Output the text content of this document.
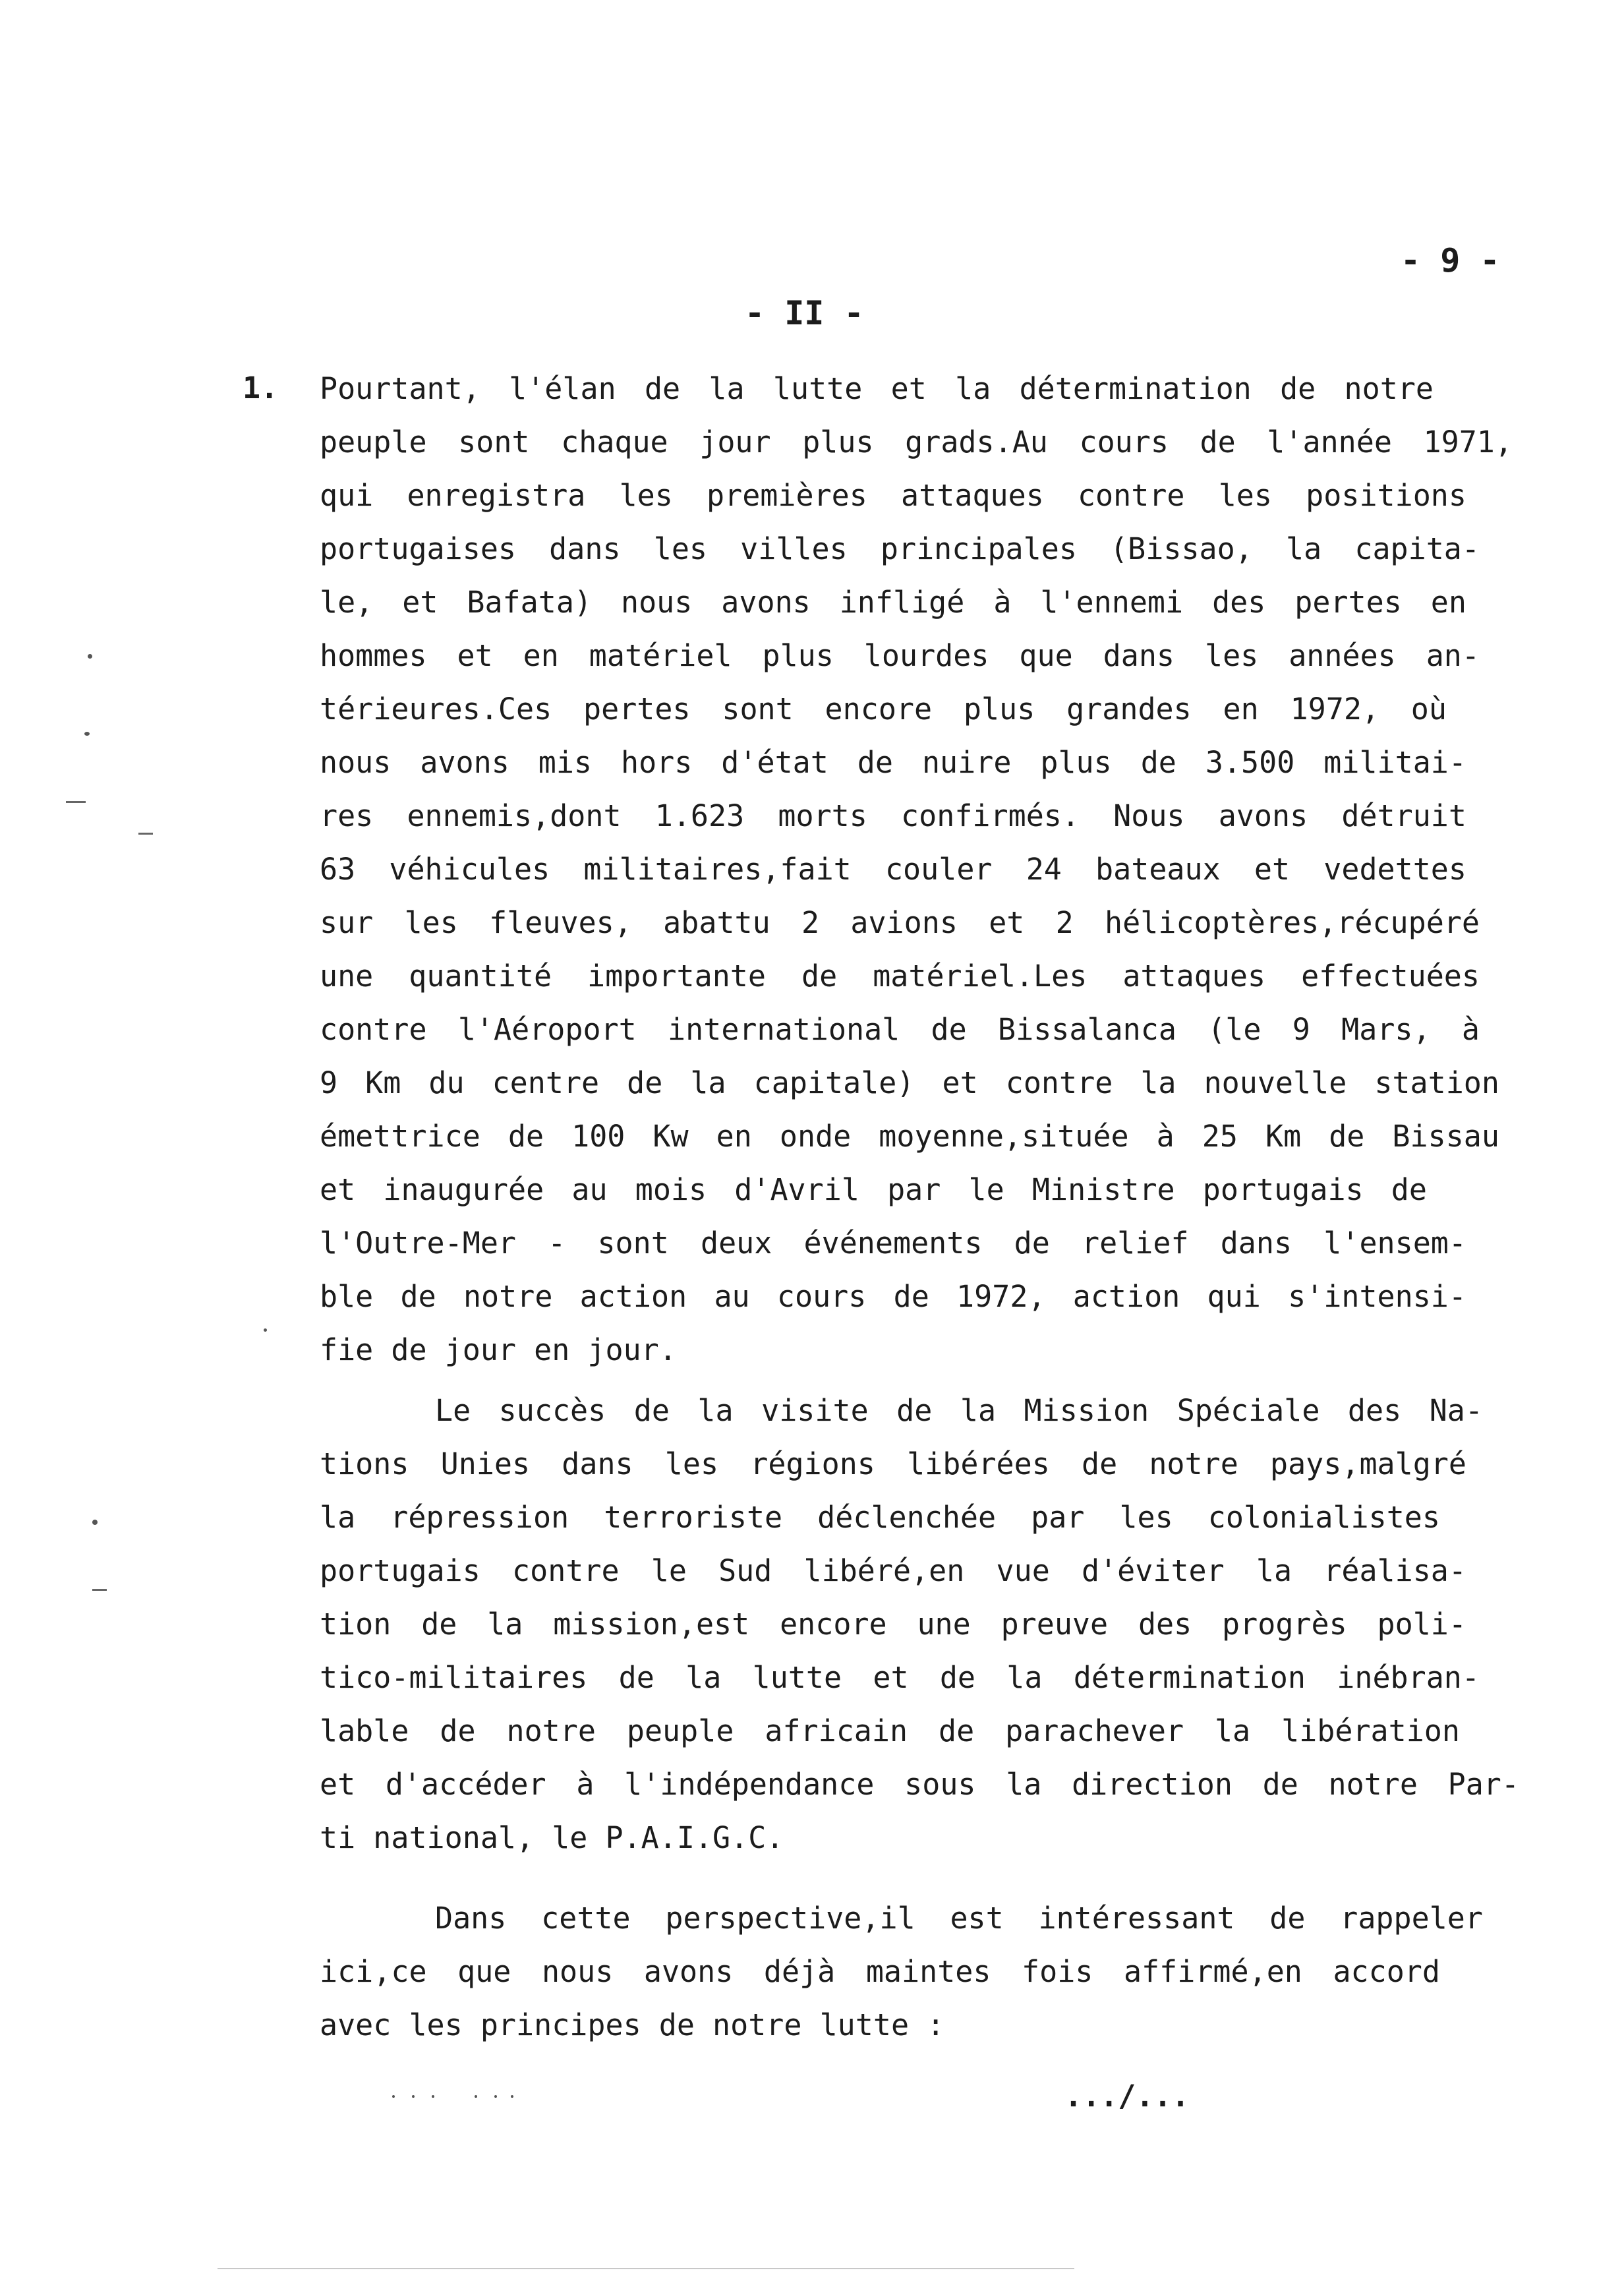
- 9 -
- II -
1. Pourtant, l'élan de la lutte et la détermination de notre
peuple sont chaque jour plus grads.Au cours de l'année 1971,
qui enregistra les premières attaques contre les positions
portugaises dans les villes principales (Bissao, la capita-
le, et Bafata) nous avons infligé à l'ennemi des pertes en
hommes et en matériel plus lourdes que dans les années an-
térieures.Ces pertes sont encore plus grandes en 1972, où
nous avons mis hors d'état de nuire plus de 3.500 militai-
res ennemis,dont 1.623 morts confirmés. Nous avons détruit
63 véhicules militaires,fait couler 24 bateaux et vedettes
sur les fleuves, abattu 2 avions et 2 hélicoptères,récupéré
une quantité importante de matériel.Les attaques effectuées
contre l'Aéroport international de Bissalanca (le 9 Mars, à
9 Km du centre de la capitale) et contre la nouvelle station
émettrice de 100 Kw en onde moyenne,située à 25 Km de Bissau
et inaugurée au mois d'Avril par le Ministre portugais de
l'Outre-Mer - sont deux événements de relief dans l'ensem-
ble de notre action au cours de 1972, action qui s'intensi-
fie de jour en jour.
Le succès de la visite de la Mission Spéciale des Na-
tions Unies dans les régions libérées de notre pays,malgré
la répression terroriste déclenchée par les colonialistes
portugais contre le Sud libéré,en vue d'éviter la réalisa-
tion de la mission,est encore une preuve des progrès poli-
tico-militaires de la lutte et de la détermination inébran-
lable de notre peuple africain de parachever la libération
et d'accéder à l'indépendance sous la direction de notre Par-
ti national, le P.A.I.G.C.
Dans cette perspective,il est intéressant de rappeler
ici,ce que nous avons déjà maintes fois affirmé,en accord
avec les principes de notre lutte :
.../...
